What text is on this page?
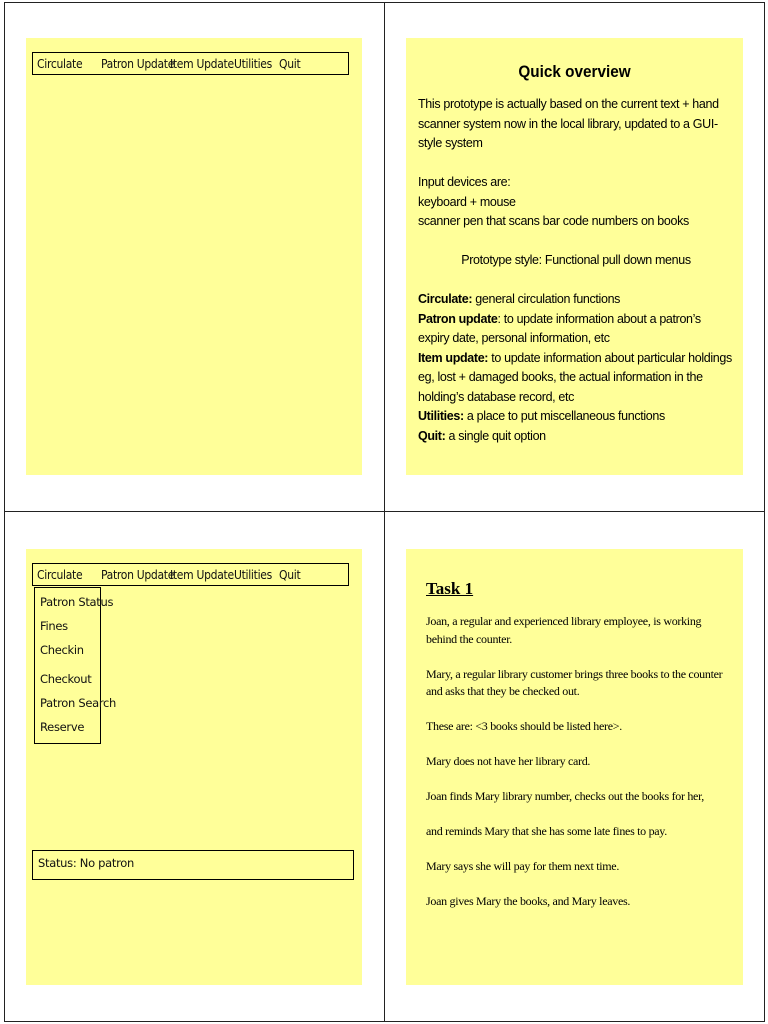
Circulate Patron Update
Item Update Utilities Quit	Quick overview

This prototype is actually based on the current text + hand scanner system now in the local library, updated to a GUI-style system

Input devices are:

keyboard + mouse

scanner pen that scans bar code numbers on books

Prototype style: Functional pull down menus

Circulate: general circulation functions

Patron update: to update information about a patron’s expiry date, personal information, etc

Item update: to update information about particular holdings eg, lost + damaged books, the actual information in the holding’s database record, etc

Utilities: a place to put miscellaneous functions

Quit: a single quit option

Circulate Patron Update
Item Update Utilities Quit
Patron Status
Fines
Checkin
Checkout
Patron Search
Reserve
Status: No patron
Task 1

Joan, a regular and experienced library employee, is working behind the counter.

Mary, a regular library customer brings three books to the counter and asks that they be checked out.

These are: <3 books should be listed here>.

Mary does not have her library card.

Joan finds Mary library number, checks out the books for her,

and reminds Mary that she has some late fines to pay.

Mary says she will pay for them next time.

Joan gives Mary the books, and Mary leaves.
